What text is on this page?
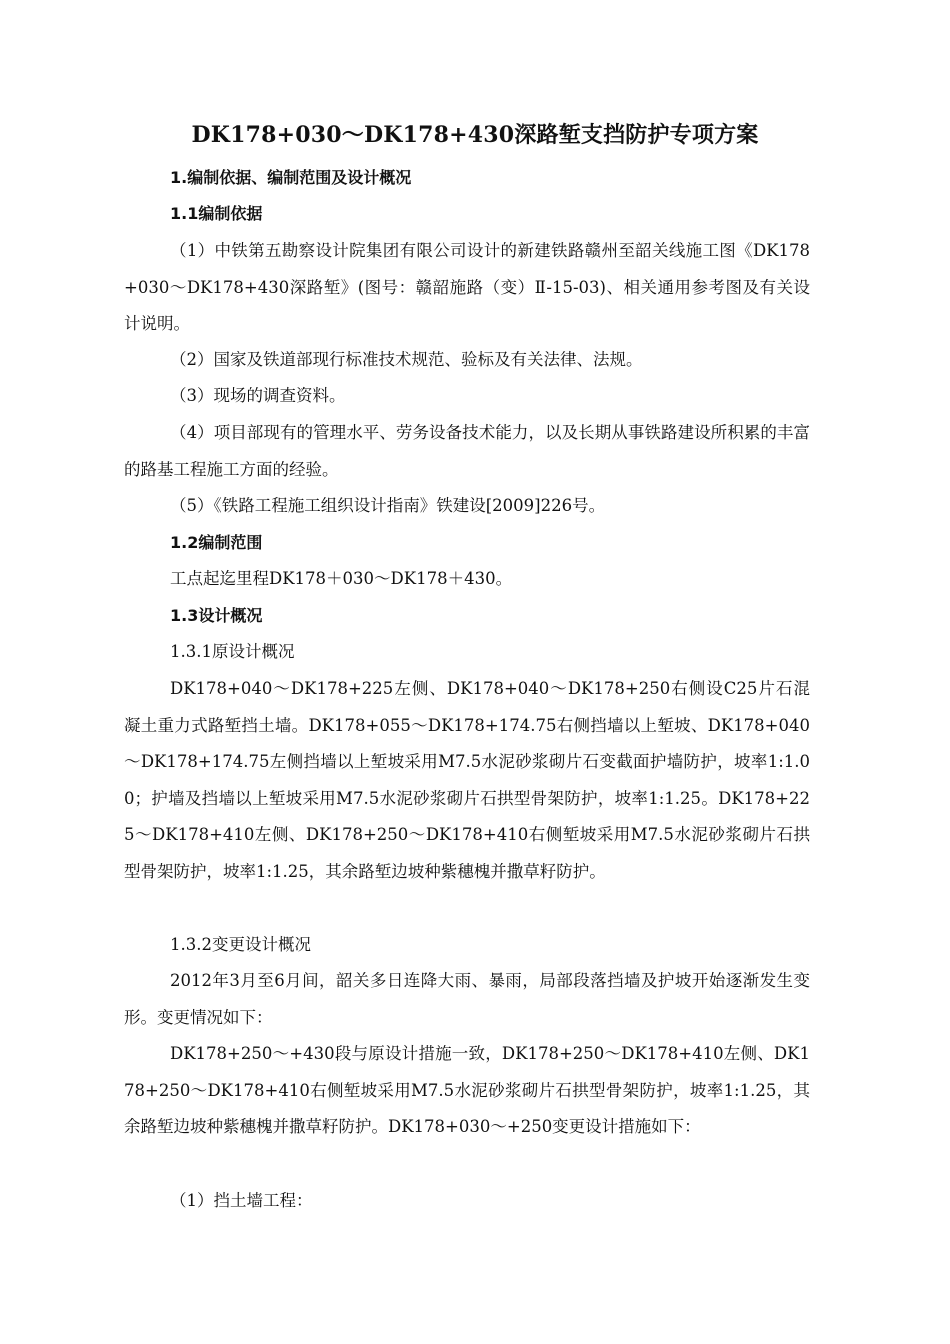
DK178+030～DK178+430深路堑支挡防护专项方案

1.编制依据、编制范围及设计概况

1.1编制依据

（1）中铁第五勘察设计院集团有限公司设计的新建铁路赣州至韶关线施工图《DK178+030～DK178+430深路堑》(图号：赣韶施路（变）Ⅱ-15-03)、相关通用参考图及有关设计说明。

（2）国家及铁道部现行标准技术规范、验标及有关法律、法规。

（3）现场的调查资料。

（4）项目部现有的管理水平、劳务设备技术能力，以及长期从事铁路建设所积累的丰富的路基工程施工方面的经验。

（5）《铁路工程施工组织设计指南》铁建设[2009]226号。

1.2编制范围

工点起迄里程DK178＋030～DK178＋430。

1.3设计概况

1.3.1原设计概况

DK178+040～DK178+225左侧、DK178+040～DK178+250右侧设C25片石混凝土重力式路堑挡土墙。DK178+055～DK178+174.75右侧挡墙以上堑坡、DK178+040～DK178+174.75左侧挡墙以上堑坡采用M7.5水泥砂浆砌片石变截面护墙防护，坡率1:1.00；护墙及挡墙以上堑坡采用M7.5水泥砂浆砌片石拱型骨架防护，坡率1:1.25。DK178+225～DK178+410左侧、DK178+250～DK178+410右侧堑坡采用M7.5水泥砂浆砌片石拱型骨架防护，坡率1:1.25，其余路堑边坡种紫穗槐并撒草籽防护。

1.3.2变更设计概况

2012年3月至6月间，韶关多日连降大雨、暴雨，局部段落挡墙及护坡开始逐渐发生变形。变更情况如下：

DK178+250～+430段与原设计措施一致，DK178+250～DK178+410左侧、DK178+250～DK178+410右侧堑坡采用M7.5水泥砂浆砌片石拱型骨架防护，坡率1:1.25，其余路堑边坡种紫穗槐并撒草籽防护。DK178+030～+250变更设计措施如下：

（1）挡土墙工程：
